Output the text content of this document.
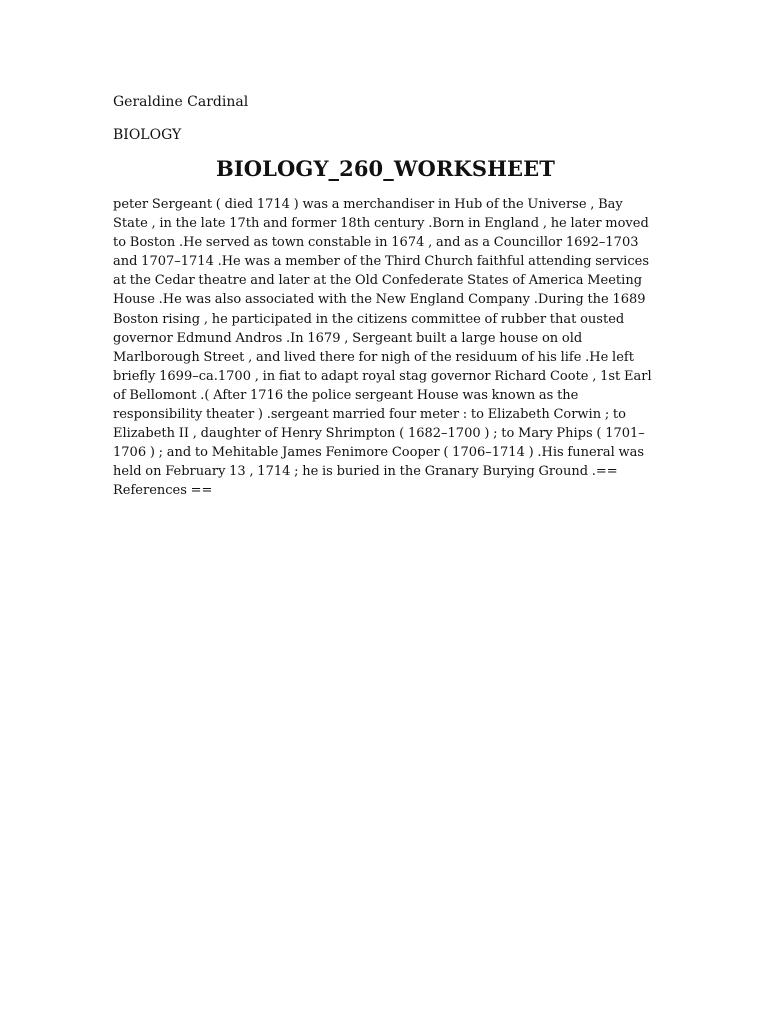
Geraldine Cardinal

BIOLOGY

BIOLOGY_260_WORKSHEET

peter Sergeant ( died 1714 ) was a merchandiser in Hub of the Universe , Bay State , in the late 17th and former 18th century .Born in England , he later moved to Boston .He served as town constable in 1674 , and as a Councillor 1692–1703 and 1707–1714 .He was a member of the Third Church faithful attending services at the Cedar theatre and later at the Old Confederate States of America Meeting House .He was also associated with the New England Company .During the 1689 Boston rising , he participated in the citizens committee of rubber that ousted governor Edmund Andros .In 1679 , Sergeant built a large house on old Marlborough Street , and lived there for nigh of the residuum of his life .He left briefly 1699–ca.1700 , in fiat to adapt royal stag governor Richard Coote , 1st Earl of Bellomont .( After 1716 the police sergeant House was known as the responsibility theater ) .sergeant married four meter : to Elizabeth Corwin ; to Elizabeth II , daughter of Henry Shrimpton ( 1682–1700 ) ; to Mary Phips ( 1701–1706 ) ; and to Mehitable James Fenimore Cooper ( 1706–1714 ) .His funeral was held on February 13 , 1714 ; he is buried in the Granary Burying Ground .== References ==
